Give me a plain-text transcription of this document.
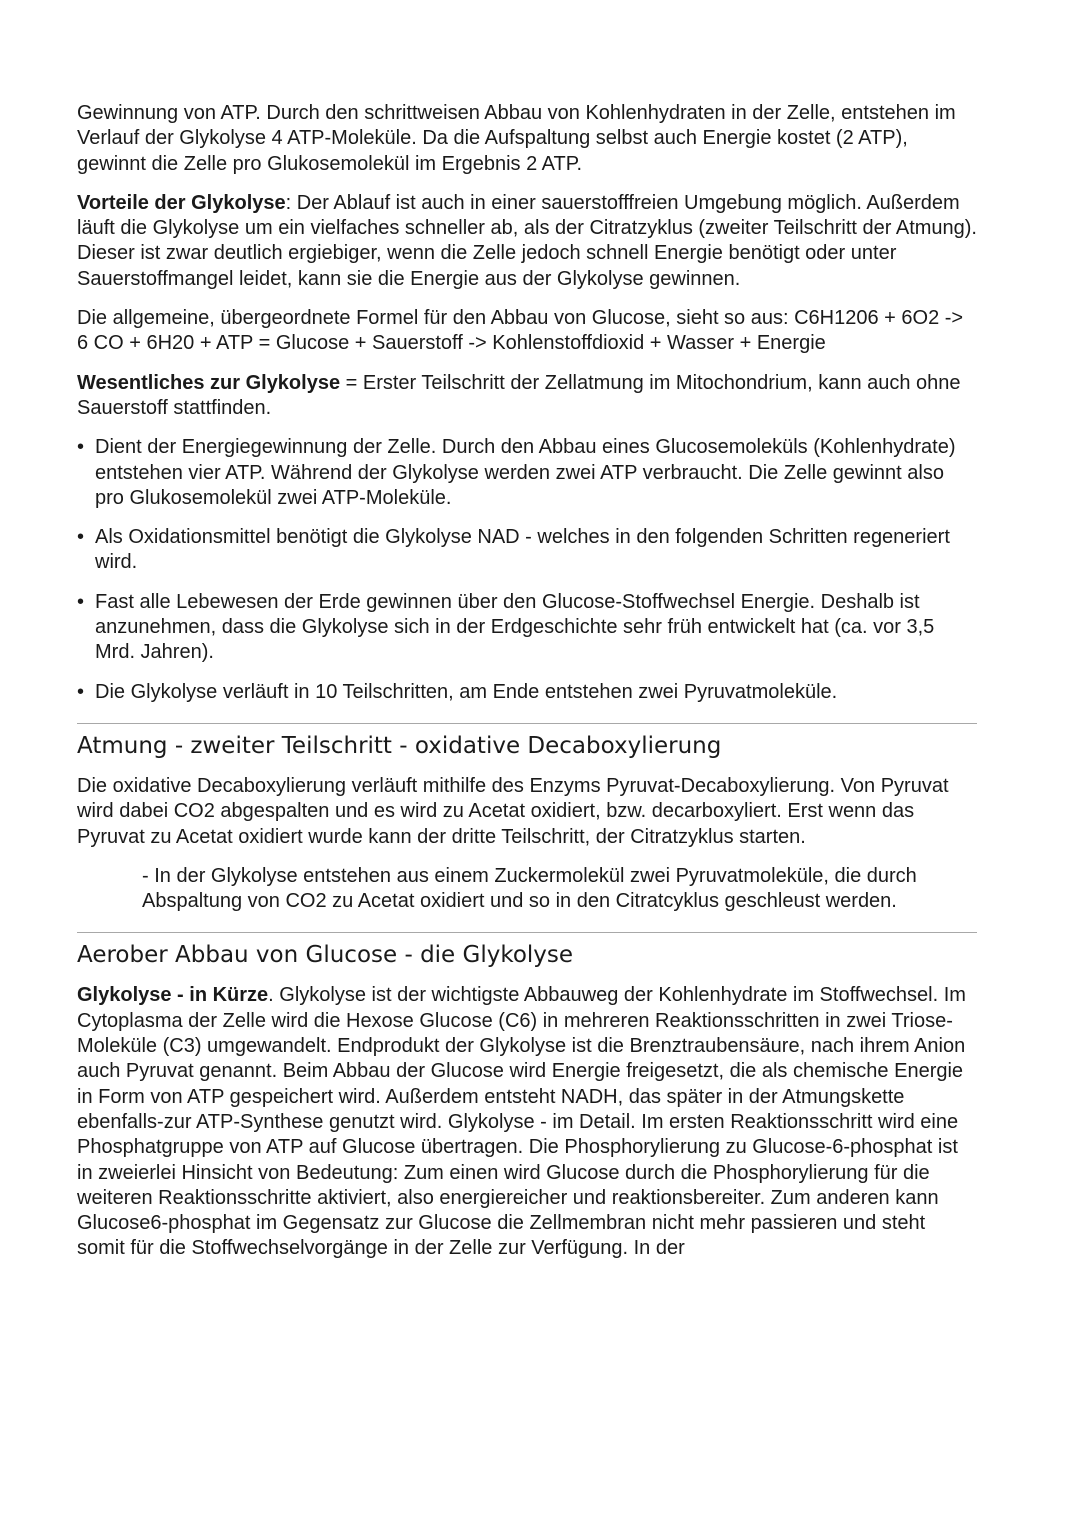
Gewinnung von ATP. Durch den schrittweisen Abbau von Kohlenhydraten in der Zelle, entstehen im Verlauf der Glykolyse 4 ATP-Moleküle. Da die Aufspaltung selbst auch Energie kostet (2 ATP), gewinnt die Zelle pro Glukosemolekül im Ergebnis 2 ATP.

Vorteile der Glykolyse: Der Ablauf ist auch in einer sauerstofffreien Umgebung möglich. Außerdem läuft die Glykolyse um ein vielfaches schneller ab, als der Citratzyklus (zweiter Teilschritt der Atmung). Dieser ist zwar deutlich ergiebiger, wenn die Zelle jedoch schnell Energie benötigt oder unter Sauerstoffmangel leidet, kann sie die Energie aus der Glykolyse gewinnen.

Die allgemeine, übergeordnete Formel für den Abbau von Glucose, sieht so aus: C6H1206 + 6O2 -> 6 CO + 6H20 + ATP = Glucose + Sauerstoff -> Kohlenstoffdioxid + Wasser + Energie

Wesentliches zur Glykolyse = Erster Teilschritt der Zellatmung im Mitochondrium, kann auch ohne Sauerstoff stattfinden.

• Dient der Energiegewinnung der Zelle. Durch den Abbau eines Glucosemoleküls (Kohlenhydrate) entstehen vier ATP. Während der Glykolyse werden zwei ATP verbraucht. Die Zelle gewinnt also pro Glukosemolekül zwei ATP-Moleküle.
• Als Oxidationsmittel benötigt die Glykolyse NAD - welches in den folgenden Schritten regeneriert wird.
• Fast alle Lebewesen der Erde gewinnen über den Glucose-Stoffwechsel Energie. Deshalb ist anzunehmen, dass die Glykolyse sich in der Erdgeschichte sehr früh entwickelt hat (ca. vor 3,5 Mrd. Jahren).
• Die Glykolyse verläuft in 10 Teilschritten, am Ende entstehen zwei Pyruvatmoleküle.
Atmung - zweiter Teilschritt - oxidative Decaboxylierung

Die oxidative Decaboxylierung verläuft mithilfe des Enzyms Pyruvat-Decaboxylierung. Von Pyruvat wird dabei CO2 abgespalten und es wird zu Acetat oxidiert, bzw. decarboxyliert. Erst wenn das Pyruvat zu Acetat oxidiert wurde kann der dritte Teilschritt, der Citratzyklus starten.

- In der Glykolyse entstehen aus einem Zuckermolekül zwei Pyruvatmoleküle, die durch Abspaltung von CO2 zu Acetat oxidiert und so in den Citratcyklus geschleust werden.

Aerober Abbau von Glucose - die Glykolyse

Glykolyse - in Kürze. Glykolyse ist der wichtigste Abbauweg der Kohlenhydrate im Stoffwechsel. Im Cytoplasma der Zelle wird die Hexose Glucose (C6) in mehreren Reaktionsschritten in zwei Triose-Moleküle (C3) umgewandelt. Endprodukt der Glykolyse ist die Brenztraubensäure, nach ihrem Anion auch Pyruvat genannt. Beim Abbau der Glucose wird Energie freigesetzt, die als chemische Energie in Form von ATP gespeichert wird. Außerdem entsteht NADH, das später in der Atmungskette ebenfalls-zur ATP-Synthese genutzt wird. Glykolyse - im Detail. Im ersten Reaktionsschritt wird eine Phosphatgruppe von ATP auf Glucose übertragen. Die Phosphorylierung zu Glucose-6-phosphat ist in zweierlei Hinsicht von Bedeutung: Zum einen wird Glucose durch die Phosphorylierung für die weiteren Reaktionsschritte aktiviert, also energiereicher und reaktionsbereiter. Zum anderen kann Glucose6-phosphat im Gegensatz zur Glucose die Zellmembran nicht mehr passieren und steht somit für die Stoffwechselvorgänge in der Zelle zur Verfügung. In der
